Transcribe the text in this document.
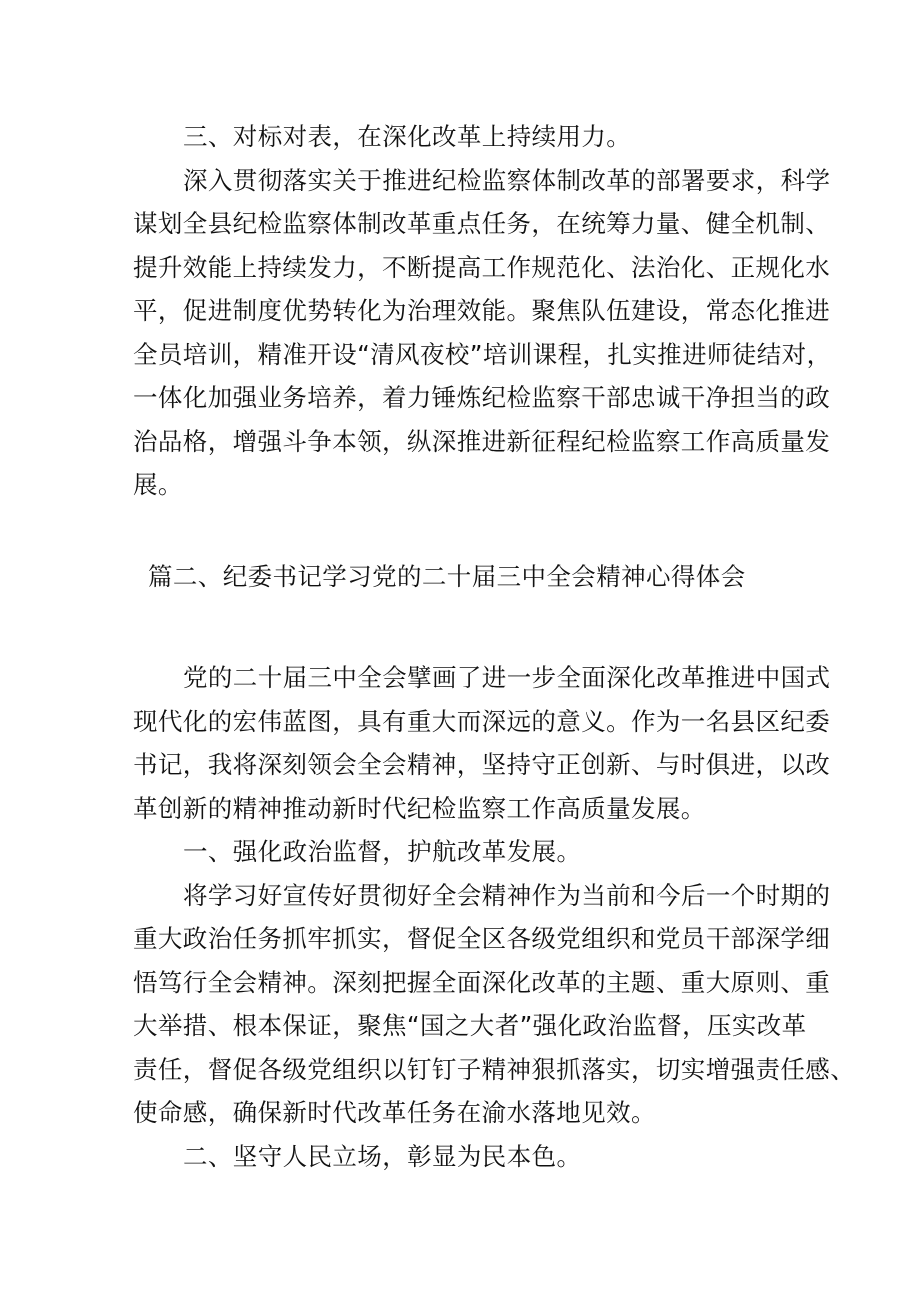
三、对标对表，在深化改革上持续用力。
深入贯彻落实关于推进纪检监察体制改革的部署要求，科学
谋划全县纪检监察体制改革重点任务，在统筹力量、健全机制、
提升效能上持续发力，不断提高工作规范化、法治化、正规化水
平，促进制度优势转化为治理效能。聚焦队伍建设，常态化推进
全员培训，精准开设“清风夜校”培训课程，扎实推进师徒结对，
一体化加强业务培养，着力锤炼纪检监察干部忠诚干净担当的政
治品格，增强斗争本领，纵深推进新征程纪检监察工作高质量发
展。
篇二、纪委书记学习党的二十届三中全会精神心得体会
党的二十届三中全会擘画了进一步全面深化改革推进中国式
现代化的宏伟蓝图，具有重大而深远的意义。作为一名县区纪委
书记，我将深刻领会全会精神，坚持守正创新、与时俱进，以改
革创新的精神推动新时代纪检监察工作高质量发展。
一、强化政治监督，护航改革发展。
将学习好宣传好贯彻好全会精神作为当前和今后一个时期的
重大政治任务抓牢抓实，督促全区各级党组织和党员干部深学细
悟笃行全会精神。深刻把握全面深化改革的主题、重大原则、重
大举措、根本保证，聚焦“国之大者”强化政治监督，压实改革
责任，督促各级党组织以钉钉子精神狠抓落实，切实增强责任感、
使命感，确保新时代改革任务在渝水落地见效。
二、坚守人民立场，彰显为民本色。
